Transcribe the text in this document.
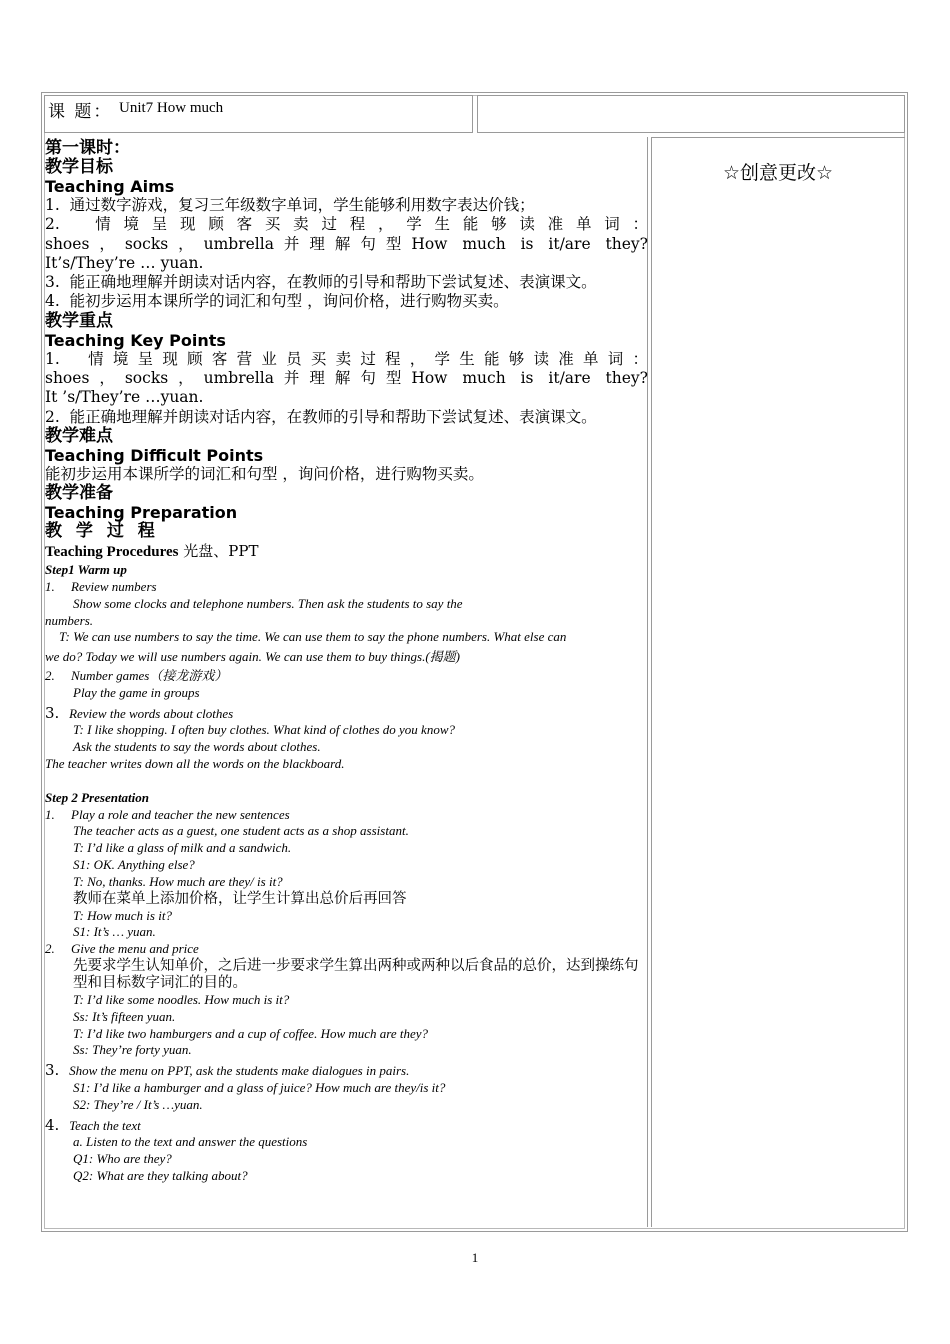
课 题： Unit7 How much
☆创意更改☆
第一课时：
教学目标
Teaching Aims
1. 通过数字游戏，复习三年级数字单词，学生能够利用数字表达价钱；
2. 情境呈现顾客买卖过程，学生能够读准单词：
shoes，socks，umbrella并理解句型How much is it/are they?
It’s/They’re … yuan.
3. 能正确地理解并朗读对话内容，在教师的引导和帮助下尝试复述、表演课文。
4. 能初步运用本课所学的词汇和句型 ，询问价格，进行购物买卖。
教学重点
Teaching Key Points
1. 情境呈现顾客营业员买卖过程，学生能够读准单词：
shoes，socks，umbrella并理解句型How much is it/are they?
It ’s/They’re …yuan.
2. 能正确地理解并朗读对话内容，在教师的引导和帮助下尝试复述、表演课文。
教学难点
Teaching Difficult Points
能初步运用本课所学的词汇和句型 ，询问价格，进行购物买卖。
教学准备
Teaching Preparation
教 学 过 程
Teaching Procedures 光盘、PPT
Step1 Warm up
1. Review numbers
Show some clocks and telephone numbers. Then ask the students to say the
numbers.
T: We can use numbers to say the time. We can use them to say the phone numbers. What else can
we do? Today we will use numbers again. We can use them to buy things.(揭题)
2. Number games（接龙游戏）
Play the game in groups
3. Review the words about clothes
T: I like shopping. I often buy clothes. What kind of clothes do you know?
Ask the students to say the words about clothes.
The teacher writes down all the words on the blackboard.
Step 2 Presentation
1. Play a role and teacher the new sentences
The teacher acts as a guest, one student acts as a shop assistant.
T: I’d like a glass of milk and a sandwich.
S1: OK. Anything else?
T: No, thanks. How much are they/ is it?
教师在菜单上添加价格，让学生计算出总价后再回答
T: How much is it?
S1: It’s … yuan.
2. Give the menu and price
先要求学生认知单价，之后进一步要求学生算出两种或两种以后食品的总价，达到操练句型和目标数字词汇的目的。
T: I’d like some noodles. How much is it?
Ss: It’s fifteen yuan.
T: I’d like two hamburgers and a cup of coffee. How much are they?
Ss: They’re forty yuan.
3. Show the menu on PPT, ask the students make dialogues in pairs.
S1: I’d like a hamburger and a glass of juice? How much are they/is it?
S2: They’re / It’s …yuan.
4. Teach the text
a. Listen to the text and answer the questions
Q1: Who are they?
Q2: What are they talking about?
1
